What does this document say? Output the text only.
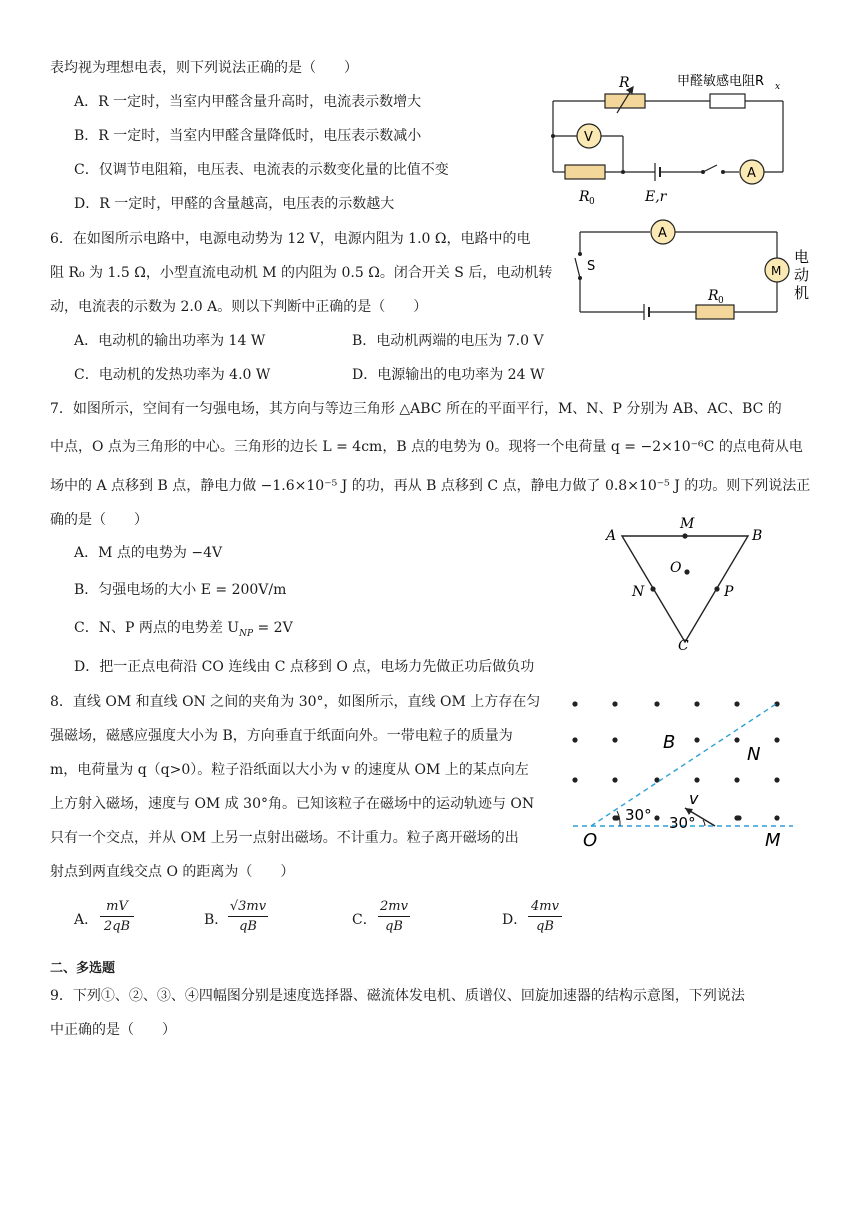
表均视为理想电表，则下列说法正确的是（　　）
A．R 一定时，当室内甲醛含量升高时，电流表示数增大
B．R 一定时，当室内甲醛含量降低时，电压表示数减小
C．仅调节电阻箱，电压表、电流表的示数变化量的比值不变
D．R 一定时，甲醛的含量越高，电压表的示数越大
R	甲醛敏感电阻R x
V
A
R 0	E,r
6．在如图所示电路中，电源电动势为 12 V，电源内阻为 1.0 Ω，电路中的电
阻 R₀ 为 1.5 Ω，小型直流电动机 M 的内阻为 0.5 Ω。闭合开关 S 后，电动机转
动，电流表的示数为 2.0 A。则以下判断中正确的是（　　）
A．电动机的输出功率为 14 W	B．电动机两端的电压为 7.0 V
C．电动机的发热功率为 4.0 W	D．电源输出的电功率为 24 W
A
M
S
R 0
电
动
机
7．如图所示，空间有一匀强电场，其方向与等边三角形 △ABC 所在的平面平行，M、N、P 分别为 AB、AC、BC 的
中点，O 点为三角形的中心。三角形的边长 L = 4cm，B 点的电势为 0。现将一个电荷量 q = −2×10⁻⁶C 的点电荷从电
场中的 A 点移到 B 点，静电力做 −1.6×10⁻⁵ J 的功，再从 B 点移到 C 点，静电力做了 0.8×10⁻⁵ J 的功。则下列说法正
确的是（　　）
A．M 点的电势为 −4V
B．匀强电场的大小 E = 200V/m
C．N、P 两点的电势差 $U_{NP} = 2V$
D．把一正点电荷沿 CO 连线由 C 点移到 O 点，电场力先做正功后做负功
A
M
B
O
N	P
C
8．直线 OM 和直线 ON 之间的夹角为 30°，如图所示，直线 OM 上方存在匀
强磁场，磁感应强度大小为 B，方向垂直于纸面向外。一带电粒子的质量为
m，电荷量为 q（q>0）。粒子沿纸面以大小为 v 的速度从 OM 上的某点向左
上方射入磁场，速度与 OM 成 30°角。已知该粒子在磁场中的运动轨迹与 ON
只有一个交点，并从 OM 上另一点射出磁场。不计重力。粒子离开磁场的出
射点到两直线交点 O 的距离为（　　）
A．
mV
2qB	B．
√3mv
qB	C．
2mv
qB	D．
4mv
qB
B
N
O	M
v
30° 30°
二、多选题
9．下列①、②、③、④四幅图分别是速度选择器、磁流体发电机、质谱仪、回旋加速器的结构示意图，下列说法
中正确的是（　　）
